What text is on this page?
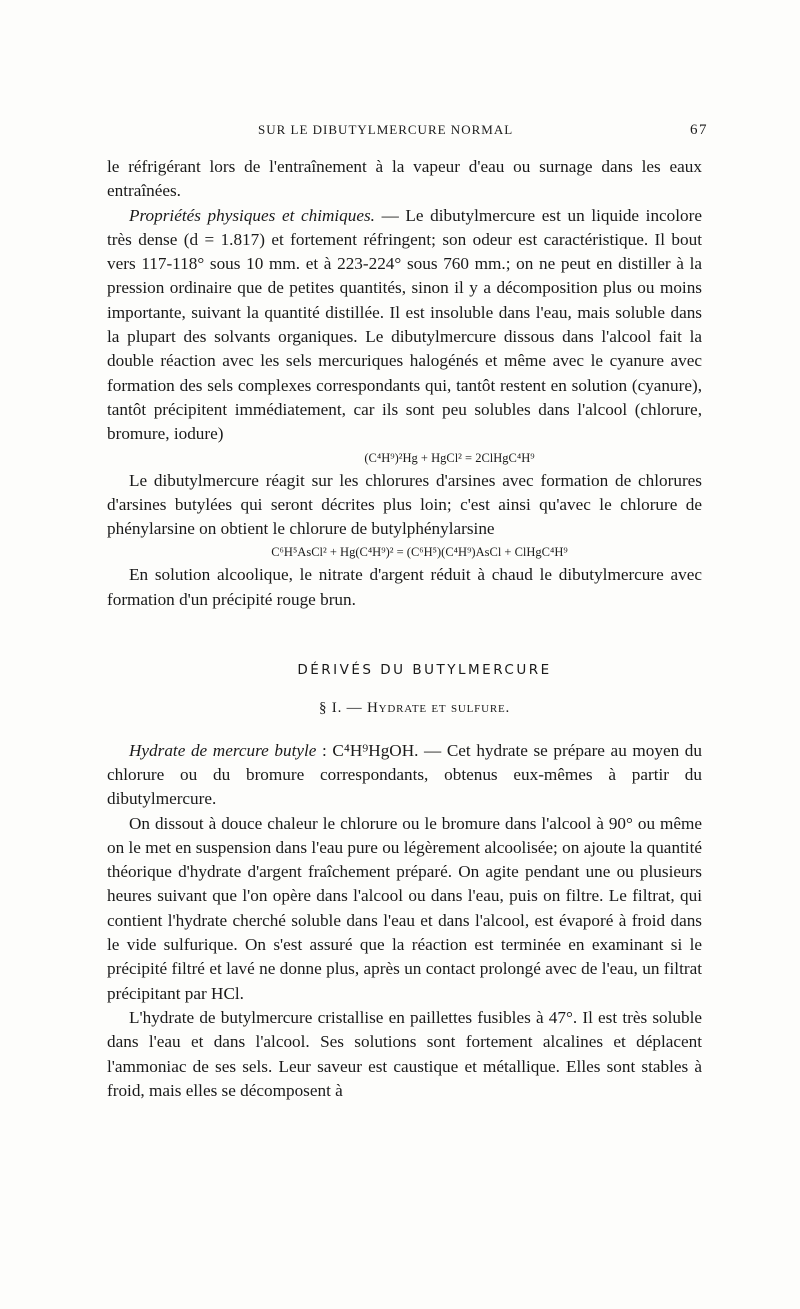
SUR LE DIBUTYLMERCURE NORMAL	67

le réfrigérant lors de l'entraînement à la vapeur d'eau ou surnage dans les eaux entraînées.

Propriétés physiques et chimiques. — Le dibutylmercure est un liquide incolore très dense (d = 1.817) et fortement réfringent; son odeur est caractéristique. Il bout vers 117-118° sous 10 mm. et à 223-224° sous 760 mm.; on ne peut en distiller à la pression ordinaire que de petites quantités, sinon il y a décomposition plus ou moins importante, suivant la quantité distillée. Il est insoluble dans l'eau, mais soluble dans la plupart des solvants organiques. Le dibutylmercure dissous dans l'alcool fait la double réaction avec les sels mercuriques halogénés et même avec le cyanure avec formation des sels complexes correspondants qui, tantôt restent en solution (cyanure), tantôt précipitent immédiatement, car ils sont peu solubles dans l'alcool (chlorure, bromure, iodure)

(C⁴H⁹)²Hg + HgCl² = 2ClHgC⁴H⁹

Le dibutylmercure réagit sur les chlorures d'arsines avec formation de chlorures d'arsines butylées qui seront décrites plus loin; c'est ainsi qu'avec le chlorure de phénylarsine on obtient le chlorure de butylphénylarsine

C⁶H⁵AsCl² + Hg(C⁴H⁹)² = (C⁶H⁵)(C⁴H⁹)AsCl + ClHgC⁴H⁹

En solution alcoolique, le nitrate d'argent réduit à chaud le dibutylmercure avec formation d'un précipité rouge brun.

DÉRIVÉS DU BUTYLMERCURE
§ I. — Hydrate et sulfure.

Hydrate de mercure butyle : C⁴H⁹HgOH. — Cet hydrate se prépare au moyen du chlorure ou du bromure correspondants, obtenus eux-mêmes à partir du dibutylmercure.

On dissout à douce chaleur le chlorure ou le bromure dans l'alcool à 90° ou même on le met en suspension dans l'eau pure ou légèrement alcoolisée; on ajoute la quantité théorique d'hydrate d'argent fraîchement préparé. On agite pendant une ou plusieurs heures suivant que l'on opère dans l'alcool ou dans l'eau, puis on filtre. Le filtrat, qui contient l'hydrate cherché soluble dans l'eau et dans l'alcool, est évaporé à froid dans le vide sulfurique. On s'est assuré que la réaction est terminée en examinant si le précipité filtré et lavé ne donne plus, après un contact prolongé avec de l'eau, un filtrat précipitant par HCl.

L'hydrate de butylmercure cristallise en paillettes fusibles à 47°. Il est très soluble dans l'eau et dans l'alcool. Ses solutions sont fortement alcalines et déplacent l'ammoniac de ses sels. Leur saveur est caustique et métallique. Elles sont stables à froid, mais elles se décomposent à
